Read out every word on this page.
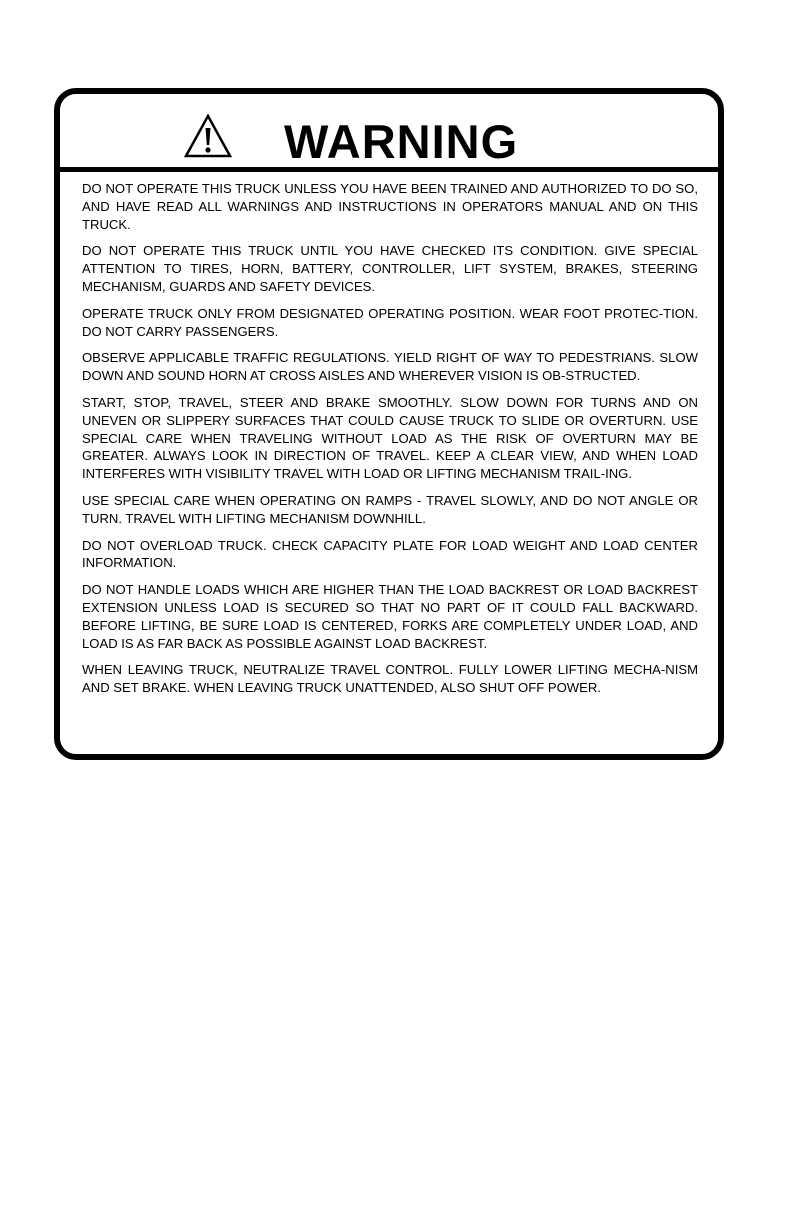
WARNING

DO NOT OPERATE THIS TRUCK UNLESS YOU HAVE BEEN TRAINED AND AUTHORIZED TO DO SO, AND HAVE READ ALL WARNINGS AND INSTRUCTIONS IN OPERATORS MANUAL AND ON THIS TRUCK.

DO NOT OPERATE THIS TRUCK UNTIL YOU HAVE CHECKED ITS CONDITION. GIVE SPECIAL ATTENTION TO TIRES, HORN, BATTERY, CONTROLLER, LIFT SYSTEM, BRAKES, STEERING MECHANISM, GUARDS AND SAFETY DEVICES.

OPERATE TRUCK ONLY FROM DESIGNATED OPERATING POSITION. WEAR FOOT PROTEC-TION. DO NOT CARRY PASSENGERS.

OBSERVE APPLICABLE TRAFFIC REGULATIONS. YIELD RIGHT OF WAY TO PEDESTRIANS. SLOW DOWN AND SOUND HORN AT CROSS AISLES AND WHEREVER VISION IS OB-STRUCTED.

START, STOP, TRAVEL, STEER AND BRAKE SMOOTHLY. SLOW DOWN FOR TURNS AND ON UNEVEN OR SLIPPERY SURFACES THAT COULD CAUSE TRUCK TO SLIDE OR OVERTURN. USE SPECIAL CARE WHEN TRAVELING WITHOUT LOAD AS THE RISK OF OVERTURN MAY BE GREATER. ALWAYS LOOK IN DIRECTION OF TRAVEL. KEEP A CLEAR VIEW, AND WHEN LOAD INTERFERES WITH VISIBILITY TRAVEL WITH LOAD OR LIFTING MECHANISM TRAIL-ING.

USE SPECIAL CARE WHEN OPERATING ON RAMPS - TRAVEL SLOWLY, AND DO NOT ANGLE OR TURN. TRAVEL WITH LIFTING MECHANISM DOWNHILL.

DO NOT OVERLOAD TRUCK. CHECK CAPACITY PLATE FOR LOAD WEIGHT AND LOAD CENTER INFORMATION.

DO NOT HANDLE LOADS WHICH ARE HIGHER THAN THE LOAD BACKREST OR LOAD BACKREST EXTENSION UNLESS LOAD IS SECURED SO THAT NO PART OF IT COULD FALL BACKWARD. BEFORE LIFTING, BE SURE LOAD IS CENTERED, FORKS ARE COMPLETELY UNDER LOAD, AND LOAD IS AS FAR BACK AS POSSIBLE AGAINST LOAD BACKREST.

WHEN LEAVING TRUCK, NEUTRALIZE TRAVEL CONTROL. FULLY LOWER LIFTING MECHA-NISM AND SET BRAKE. WHEN LEAVING TRUCK UNATTENDED, ALSO SHUT OFF POWER.
